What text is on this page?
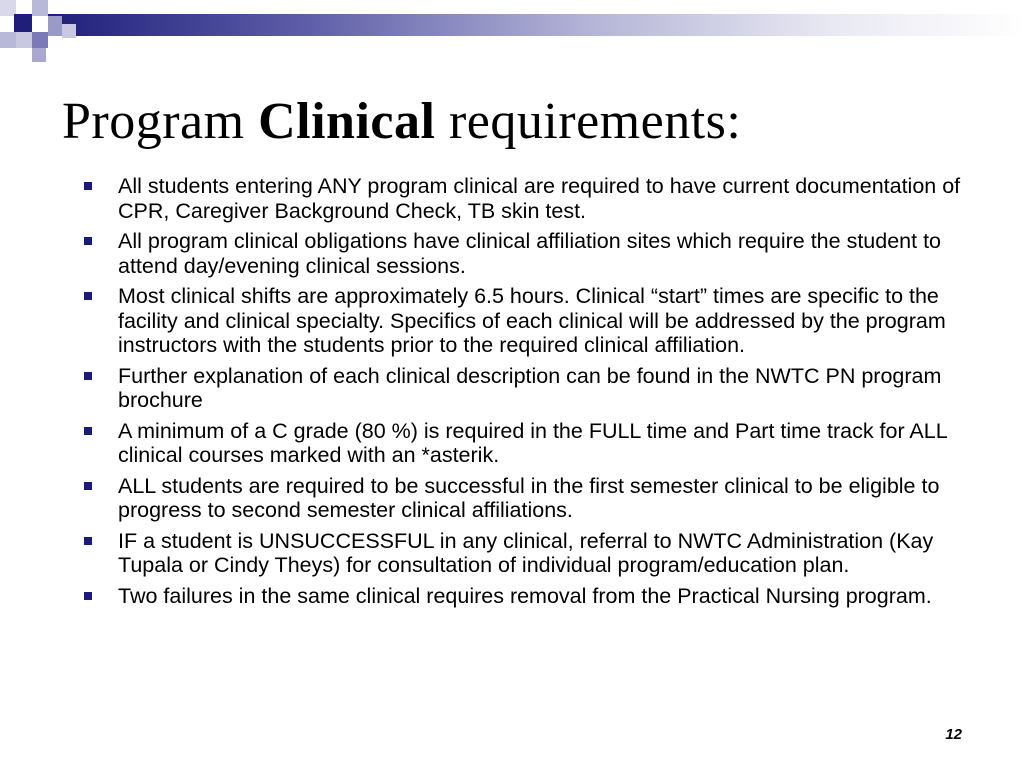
Program Clinical requirements:
All students entering ANY program clinical are required to have current documentation of CPR, Caregiver Background Check, TB skin test.
All program clinical obligations have clinical affiliation sites which require the student to attend day/evening clinical sessions.
Most clinical shifts are approximately 6.5 hours. Clinical “start” times are specific to the facility and clinical specialty. Specifics of each clinical will be addressed by the program instructors with the students prior to the required clinical affiliation.
Further explanation of each clinical description can be found in the NWTC PN program brochure
A minimum of a C grade (80 %) is required in the FULL time and Part time track for ALL clinical courses marked with an *asterik.
ALL students are required to be successful in the first semester clinical to be eligible to progress to second semester clinical affiliations.
IF a student is UNSUCCESSFUL in any clinical, referral to NWTC Administration (Kay Tupala or Cindy Theys) for consultation of individual program/education plan.
Two failures in the same clinical requires removal from the Practical Nursing program.
12
